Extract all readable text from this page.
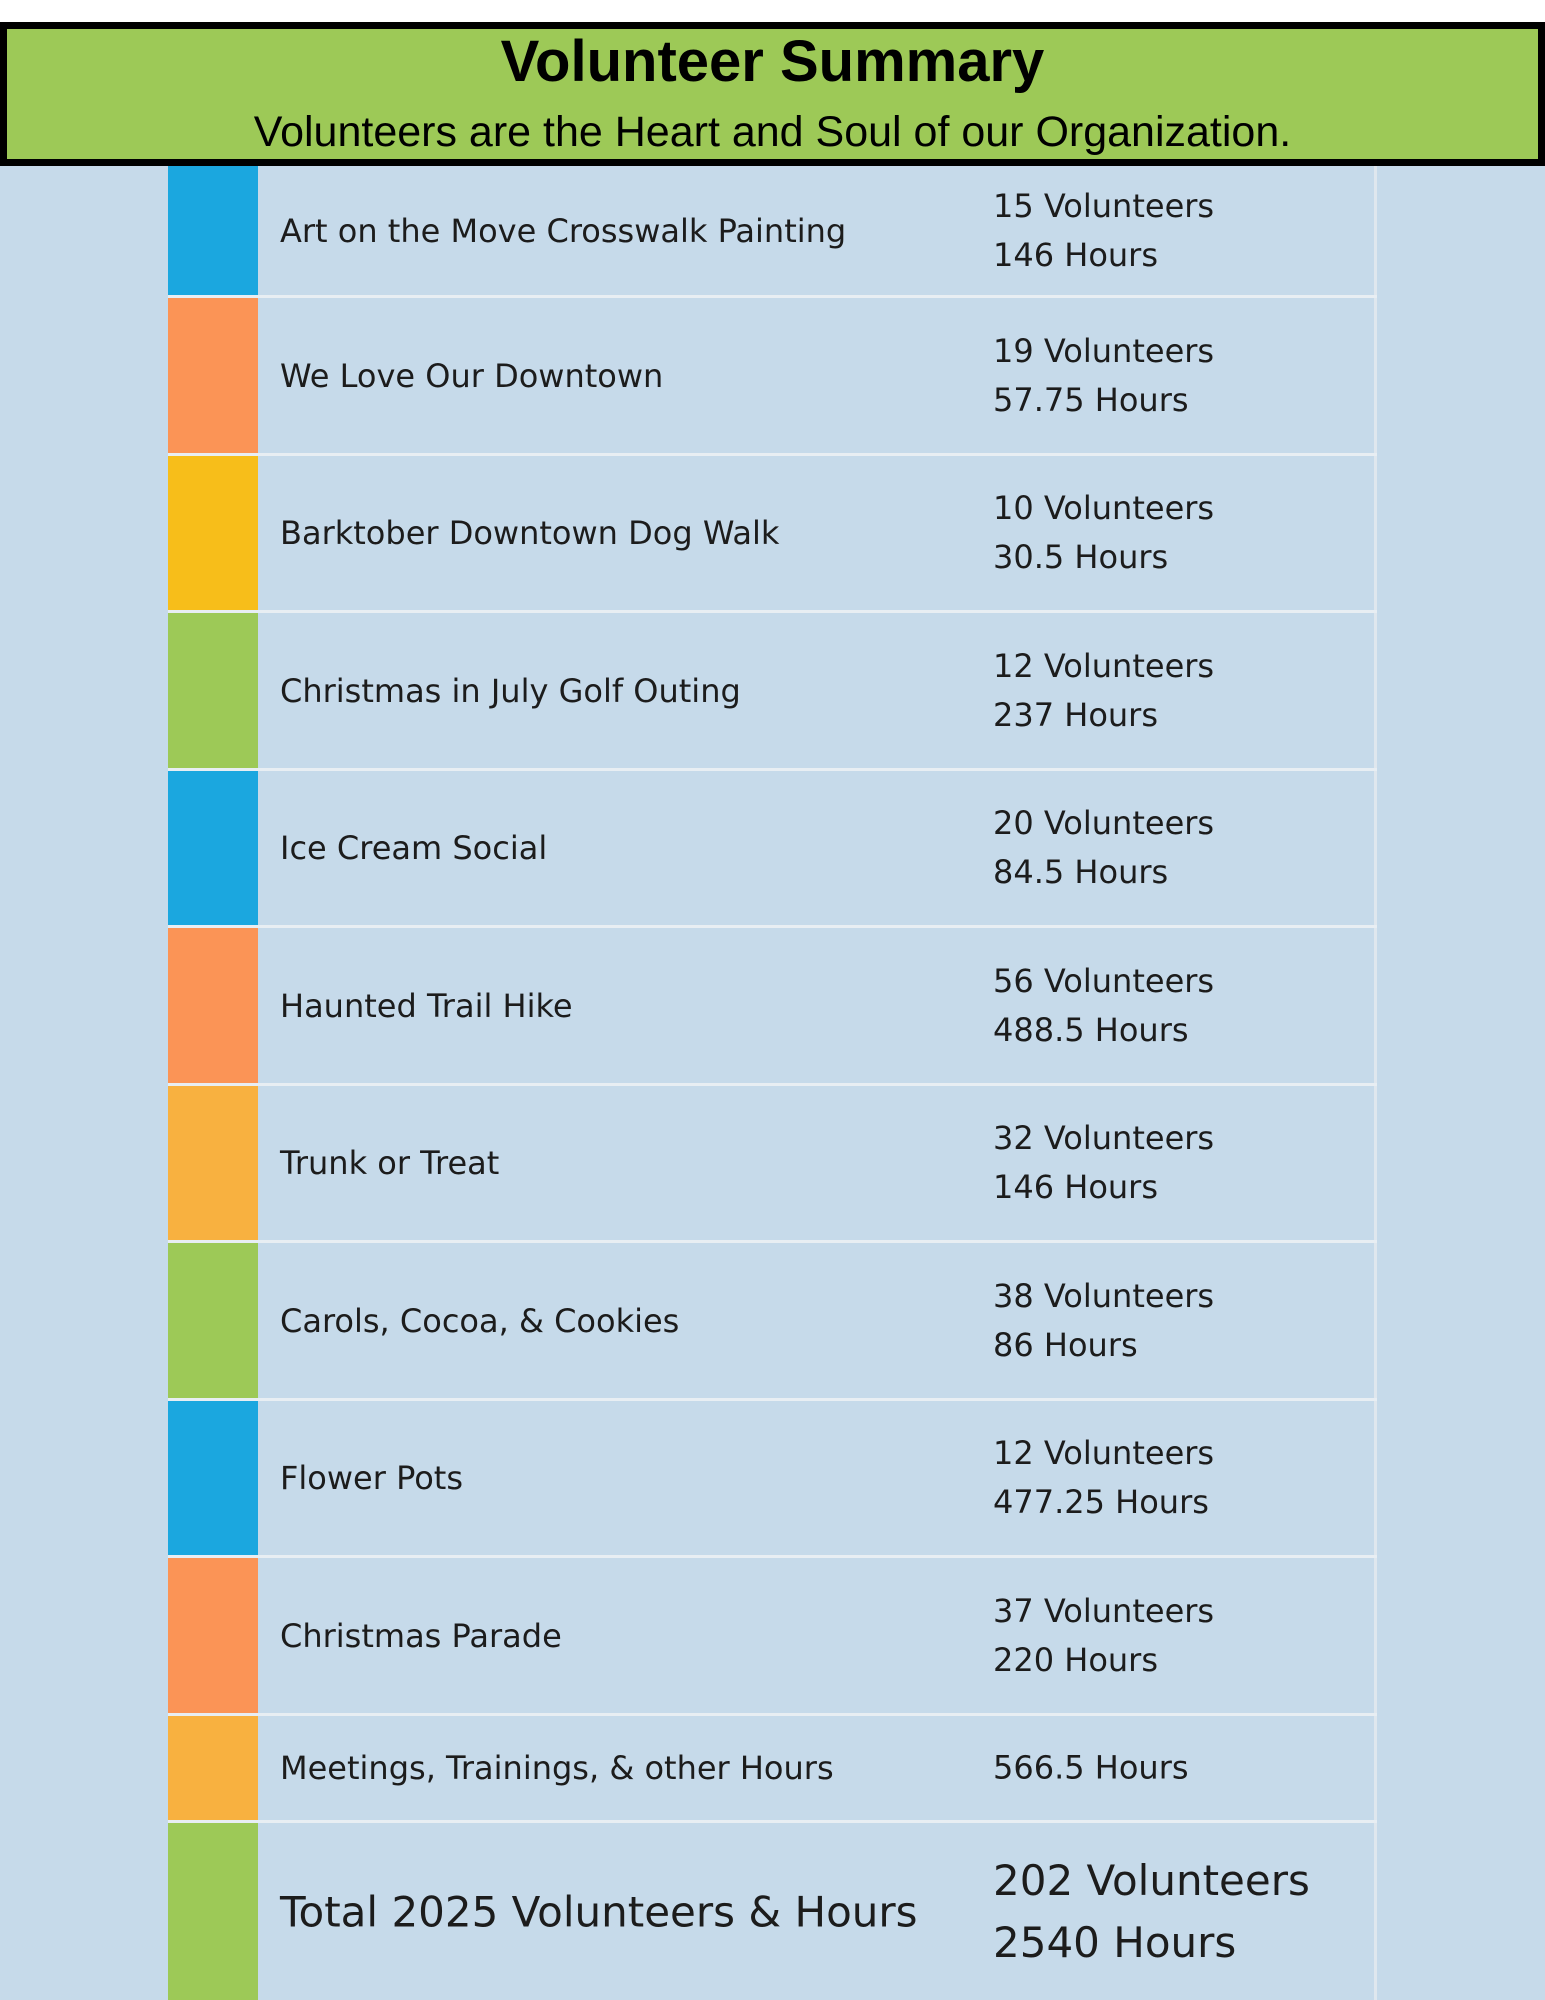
Volunteer Summary
Volunteers are the Heart and Soul of our Organization.
Art on the Move Crosswalk Painting
15 Volunteers
146 Hours
We Love Our Downtown
19 Volunteers
57.75 Hours
Barktober Downtown Dog Walk
10 Volunteers
30.5 Hours
Christmas in July Golf Outing
12 Volunteers
237 Hours
Ice Cream Social
20 Volunteers
84.5 Hours
Haunted Trail Hike
56 Volunteers
488.5 Hours
Trunk or Treat
32 Volunteers
146 Hours
Carols, Cocoa, & Cookies
38 Volunteers
86 Hours
Flower Pots
12 Volunteers
477.25 Hours
Christmas Parade
37 Volunteers
220 Hours
Meetings, Trainings, & other Hours	566.5 Hours
Total 2025 Volunteers & Hours
202 Volunteers
2540 Hours
